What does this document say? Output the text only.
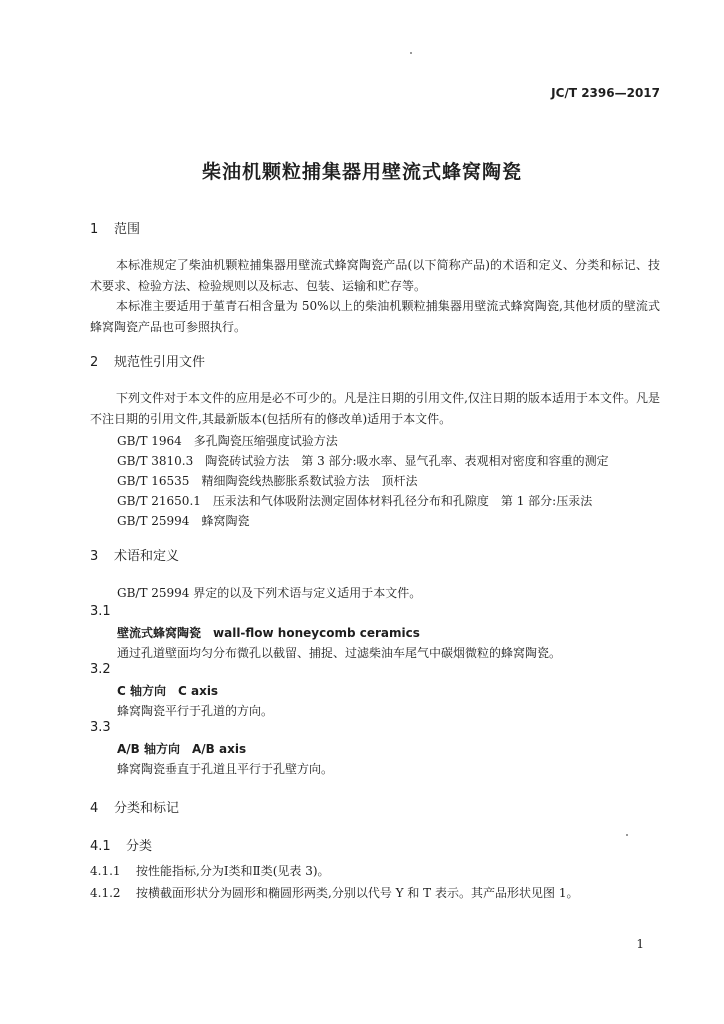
JC/T 2396—2017
柴油机颗粒捕集器用壁流式蜂窝陶瓷
1 范围
本标准规定了柴油机颗粒捕集器用壁流式蜂窝陶瓷产品(以下简称产品)的术语和定义、分类和标记、技术要求、检验方法、检验规则以及标志、包装、运输和贮存等。
本标准主要适用于堇青石相含量为 50%以上的柴油机颗粒捕集器用壁流式蜂窝陶瓷,其他材质的壁流式蜂窝陶瓷产品也可参照执行。
2 规范性引用文件
下列文件对于本文件的应用是必不可少的。凡是注日期的引用文件,仅注日期的版本适用于本文件。凡是不注日期的引用文件,其最新版本(包括所有的修改单)适用于本文件。
GB/T 1964　多孔陶瓷压缩强度试验方法
GB/T 3810.3　陶瓷砖试验方法　第 3 部分:吸水率、显气孔率、表观相对密度和容重的测定
GB/T 16535　精细陶瓷线热膨胀系数试验方法　顶杆法
GB/T 21650.1　压汞法和气体吸附法测定固体材料孔径分布和孔隙度　第 1 部分:压汞法
GB/T 25994　蜂窝陶瓷
3 术语和定义
GB/T 25994 界定的以及下列术语与定义适用于本文件。
3.1
壁流式蜂窝陶瓷 wall-flow honeycomb ceramics
通过孔道壁面均匀分布微孔以截留、捕捉、过滤柴油车尾气中碳烟微粒的蜂窝陶瓷。
3.2
C 轴方向 C axis
蜂窝陶瓷平行于孔道的方向。
3.3
A/B 轴方向 A/B axis
蜂窝陶瓷垂直于孔道且平行于孔壁方向。
4 分类和标记
4.1 分类
4.1.1 按性能指标,分为Ⅰ类和Ⅱ类(见表 3)。
4.1.2 按横截面形状分为圆形和椭圆形两类,分别以代号 Y 和 T 表示。其产品形状见图 1。
1
